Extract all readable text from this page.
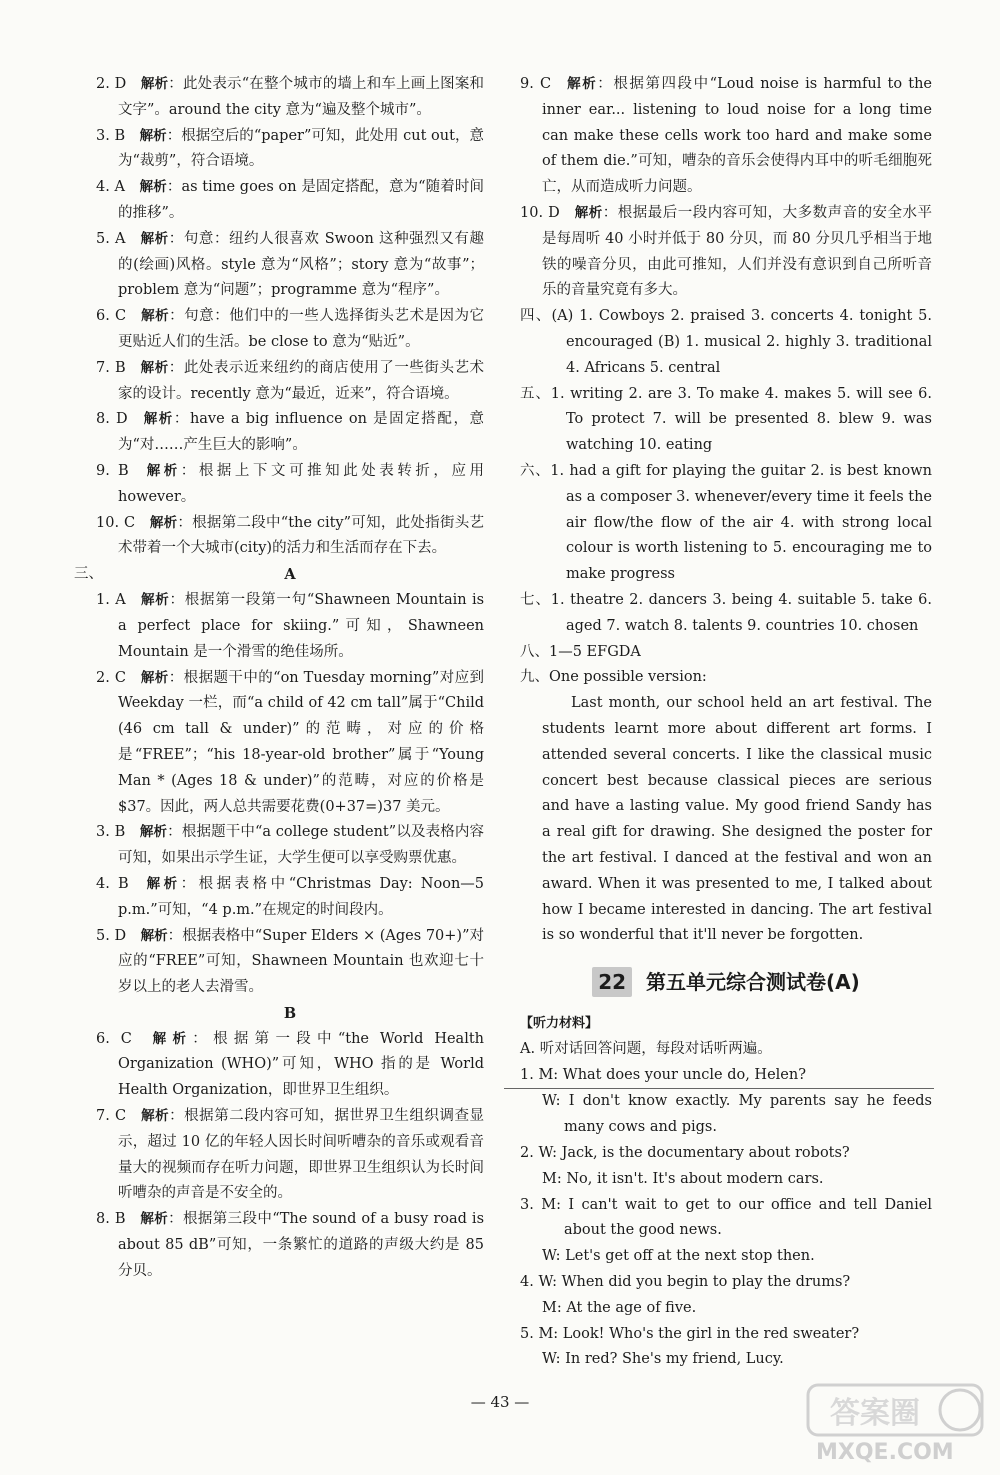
2. D  解析：此处表示“在整个城市的墙上和车上画上图案和文字”。around the city 意为“遍及整个城市”。

3. B  解析：根据空后的“paper”可知，此处用 cut out，意为“裁剪”，符合语境。

4. A  解析：as time goes on 是固定搭配，意为“随着时间的推移”。

5. A  解析：句意：纽约人很喜欢 Swoon 这种强烈又有趣的(绘画)风格。style 意为“风格”；story 意为“故事”；problem 意为“问题”；programme 意为“程序”。

6. C  解析：句意：他们中的一些人选择街头艺术是因为它更贴近人们的生活。be close to 意为“贴近”。

7. B  解析：此处表示近来纽约的商店使用了一些街头艺术家的设计。recently 意为“最近，近来”，符合语境。

8. D  解析：have a big influence on 是固定搭配，意为“对……产生巨大的影响”。

9. B  解析：根据上下文可推知此处表转折，应用 however。

10. C  解析：根据第二段中“the city”可知，此处指街头艺术带着一个大城市(city)的活力和生活而存在下去。

三、	A

1. A  解析：根据第一段第一句“Shawneen Mountain is a perfect place for skiing.”可知，Shawneen Mountain 是一个滑雪的绝佳场所。

2. C  解析：根据题干中的“on Tuesday morning”对应到 Weekday 一栏，而“a child of 42 cm tall”属于“Child (46 cm tall & under)”的范畴，对应的价格是“FREE”；“his 18-year-old brother”属于“Young Man * (Ages 18 & under)”的范畴，对应的价格是 $37。因此，两人总共需要花费(0+37=)37 美元。

3. B  解析：根据题干中“a college student”以及表格内容可知，如果出示学生证，大学生便可以享受购票优惠。

4. B  解析：根据表格中“Christmas Day: Noon—5 p.m.”可知，“4 p.m.”在规定的时间段内。

5. D  解析：根据表格中“Super Elders × (Ages 70+)”对应的“FREE”可知，Shawneen Mountain 也欢迎七十岁以上的老人去滑雪。

B

6. C  解析：根据第一段中“the World Health Organization (WHO)”可知，WHO 指的是 World Health Organization，即世界卫生组织。

7. C  解析：根据第二段内容可知，据世界卫生组织调查显示，超过 10 亿的年轻人因长时间听嘈杂的音乐或观看音量大的视频而存在听力问题，即世界卫生组织认为长时间听嘈杂的声音是不安全的。

8. B  解析：根据第三段中“The sound of a busy road is about 85 dB”可知，一条繁忙的道路的声级大约是 85 分贝。

9. C  解析：根据第四段中“Loud noise is harmful to the inner ear... listening to loud noise for a long time can make these cells work too hard and make some of them die.”可知，嘈杂的音乐会使得内耳中的听毛细胞死亡，从而造成听力问题。

10. D  解析：根据最后一段内容可知，大多数声音的安全水平是每周听 40 小时并低于 80 分贝，而 80 分贝几乎相当于地铁的噪音分贝，由此可推知，人们并没有意识到自己所听音乐的音量究竟有多大。

四、(A) 1. Cowboys 2. praised 3. concerts 4. tonight 5. encouraged (B) 1. musical 2. highly 3. traditional 4. Africans 5. central

五、1. writing 2. are 3. To make 4. makes 5. will see 6. To protect 7. will be presented 8. blew 9. was watching 10. eating

六、1. had a gift for playing the guitar 2. is best known as a composer 3. whenever/every time it feels the air flow/the flow of the air 4. with strong local colour is worth listening to 5. encouraging me to make progress

七、1. theatre 2. dancers 3. being 4. suitable 5. take 6. aged 7. watch 8. talents 9. countries 10. chosen

八、1—5 EFGDA

九、One possible version:

Last month, our school held an art festival. The students learnt more about different art forms. I attended several concerts. I like the classical music concert best because classical pieces are serious and have a lasting value. My good friend Sandy has a real gift for drawing. She designed the poster for the art festival. I danced at the festival and won an award. When it was presented to me, I talked about how I became interested in dancing. The art festival is so wonderful that it'll never be forgotten.

22 第五单元综合测试卷(A)

【听力材料】

A. 听对话回答问题，每段对话听两遍。

1. M: What does your uncle do, Helen?

W: I don't know exactly. My parents say he feeds many cows and pigs.

2. W: Jack, is the documentary about robots?

M: No, it isn't. It's about modern cars.

3. M: I can't wait to get to our office and tell Daniel about the good news.

W: Let's get off at the next stop then.

4. W: When did you begin to play the drums?

M: At the age of five.

5. M: Look! Who's the girl in the red sweater?

W: In red? She's my friend, Lucy.

— 43 —	答案圈
MXQE.COM
